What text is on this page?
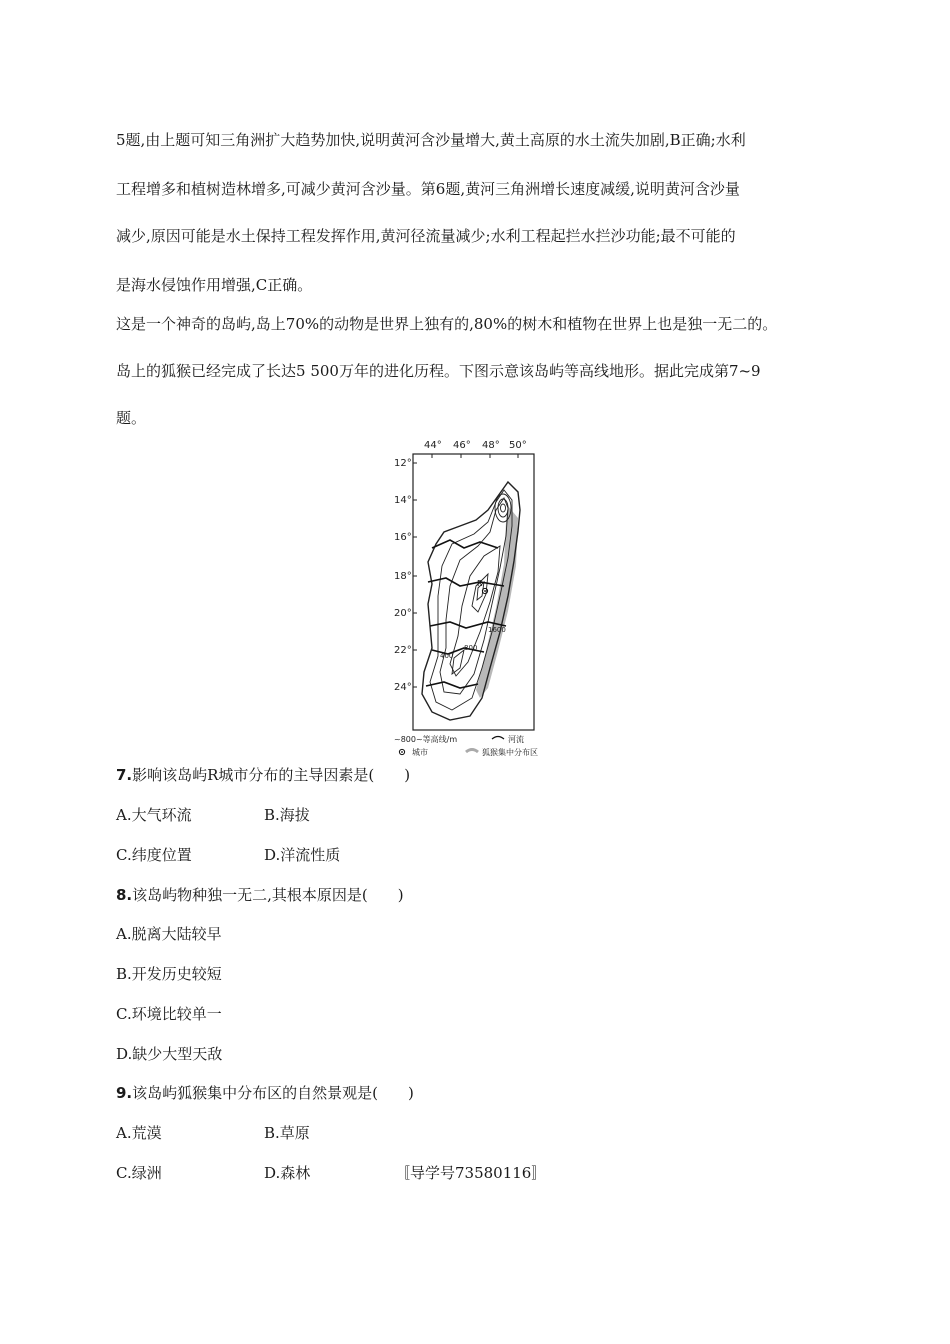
5题,由上题可知三角洲扩大趋势加快,说明黄河含沙量增大,黄土高原的水土流失加剧,B正确;水利
工程增多和植树造林增多,可减少黄河含沙量。第6题,黄河三角洲增长速度减缓,说明黄河含沙量
减少,原因可能是水土保持工程发挥作用,黄河径流量减少;水利工程起拦水拦沙功能;最不可能的
是海水侵蚀作用增强,C正确。
这是一个神奇的岛屿,岛上70%的动物是世界上独有的,80%的树木和植物在世界上也是独一无二的。
岛上的狐猴已经完成了长达5 500万年的进化历程。下图示意该岛屿等高线地形。据此完成第7~9
题。
44° 46° 48° 50°
12°
14°
16°
18°
20°
22°
24°
400
800
1600
R
~800~等高线/m	河流
城市	狐猴集中分布区
7.影响该岛屿R城市分布的主导因素是(　　)
A.大气环流	B.海拔
C.纬度位置	D.洋流性质
8.该岛屿物种独一无二,其根本原因是(　　)
A.脱离大陆较早
B.开发历史较短
C.环境比较单一
D.缺少大型天敌
9.该岛屿狐猴集中分布区的自然景观是(　　)
A.荒漠	B.草原
C.绿洲	D.森林	〚导学号73580116〛
